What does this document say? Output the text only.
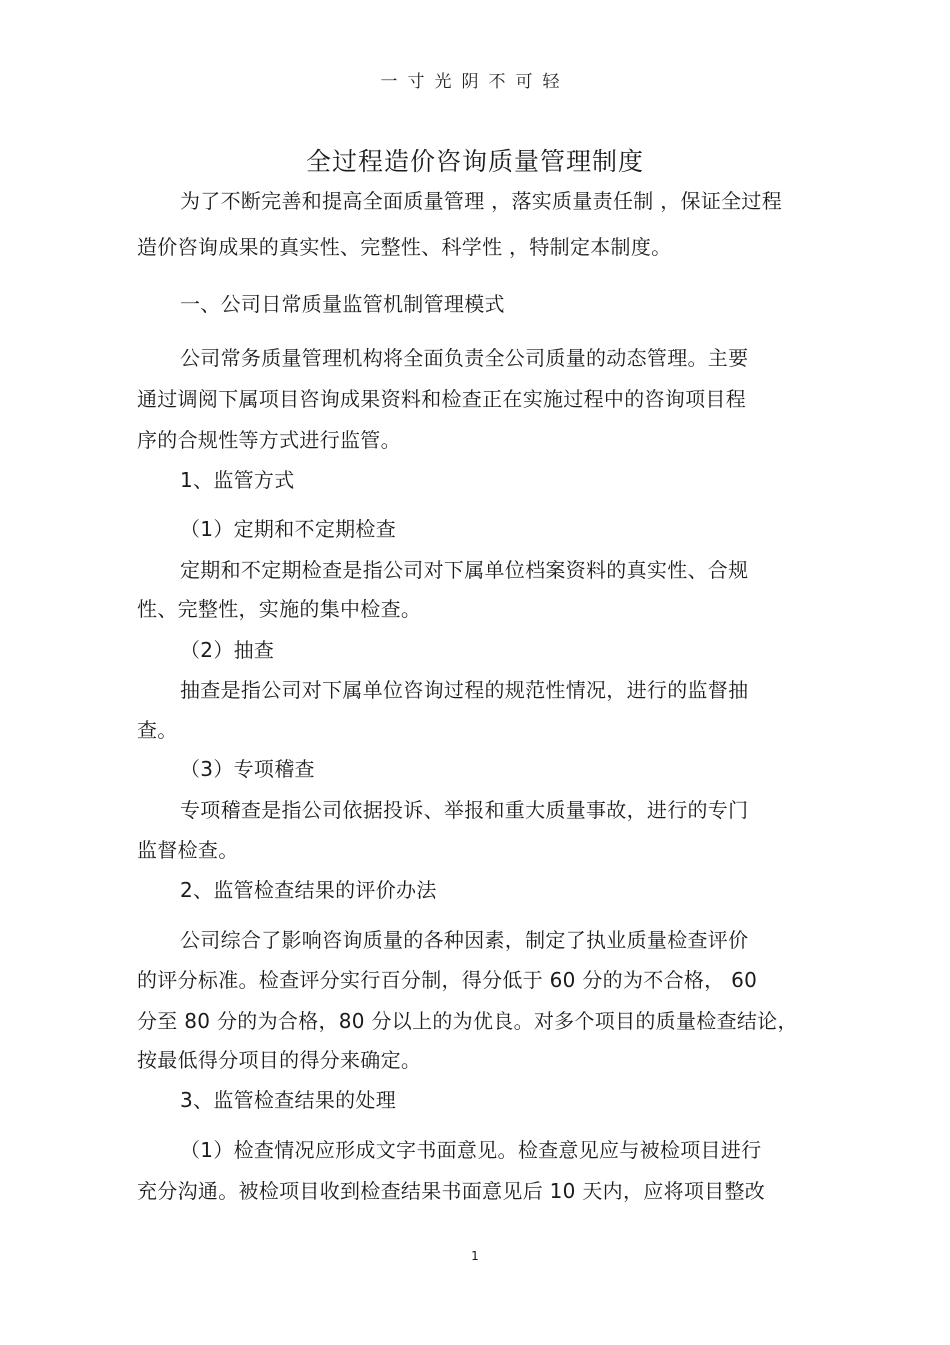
一寸光阴不可轻
全过程造价咨询质量管理制度
为了不断完善和提高全面质量管理 ，落实质量责任制 ，保证全过程
造价咨询成果的真实性、完整性、科学性 ，特制定本制度。
一、公司日常质量监管机制管理模式
公司常务质量管理机构将全面负责全公司质量的动态管理。主要
通过调阅下属项目咨询成果资料和检查正在实施过程中的咨询项目程
序的合规性等方式进行监管。
1、监管方式
（1）定期和不定期检查
定期和不定期检查是指公司对下属单位档案资料的真实性、合规
性、完整性，实施的集中检查。
（2）抽查
抽查是指公司对下属单位咨询过程的规范性情况，进行的监督抽
查。
（3）专项稽查
专项稽查是指公司依据投诉、举报和重大质量事故，进行的专门
监督检查。
2、监管检查结果的评价办法
公司综合了影响咨询质量的各种因素，制定了执业质量检查评价
的评分标准。检查评分实行百分制，得分低于 60 分的为不合格， 60
分至 80 分的为合格，80 分以上的为优良。对多个项目的质量检查结论，
按最低得分项目的得分来确定。
3、监管检查结果的处理
（1）检查情况应形成文字书面意见。检查意见应与被检项目进行
充分沟通。被检项目收到检查结果书面意见后 10 天内，应将项目整改
1
